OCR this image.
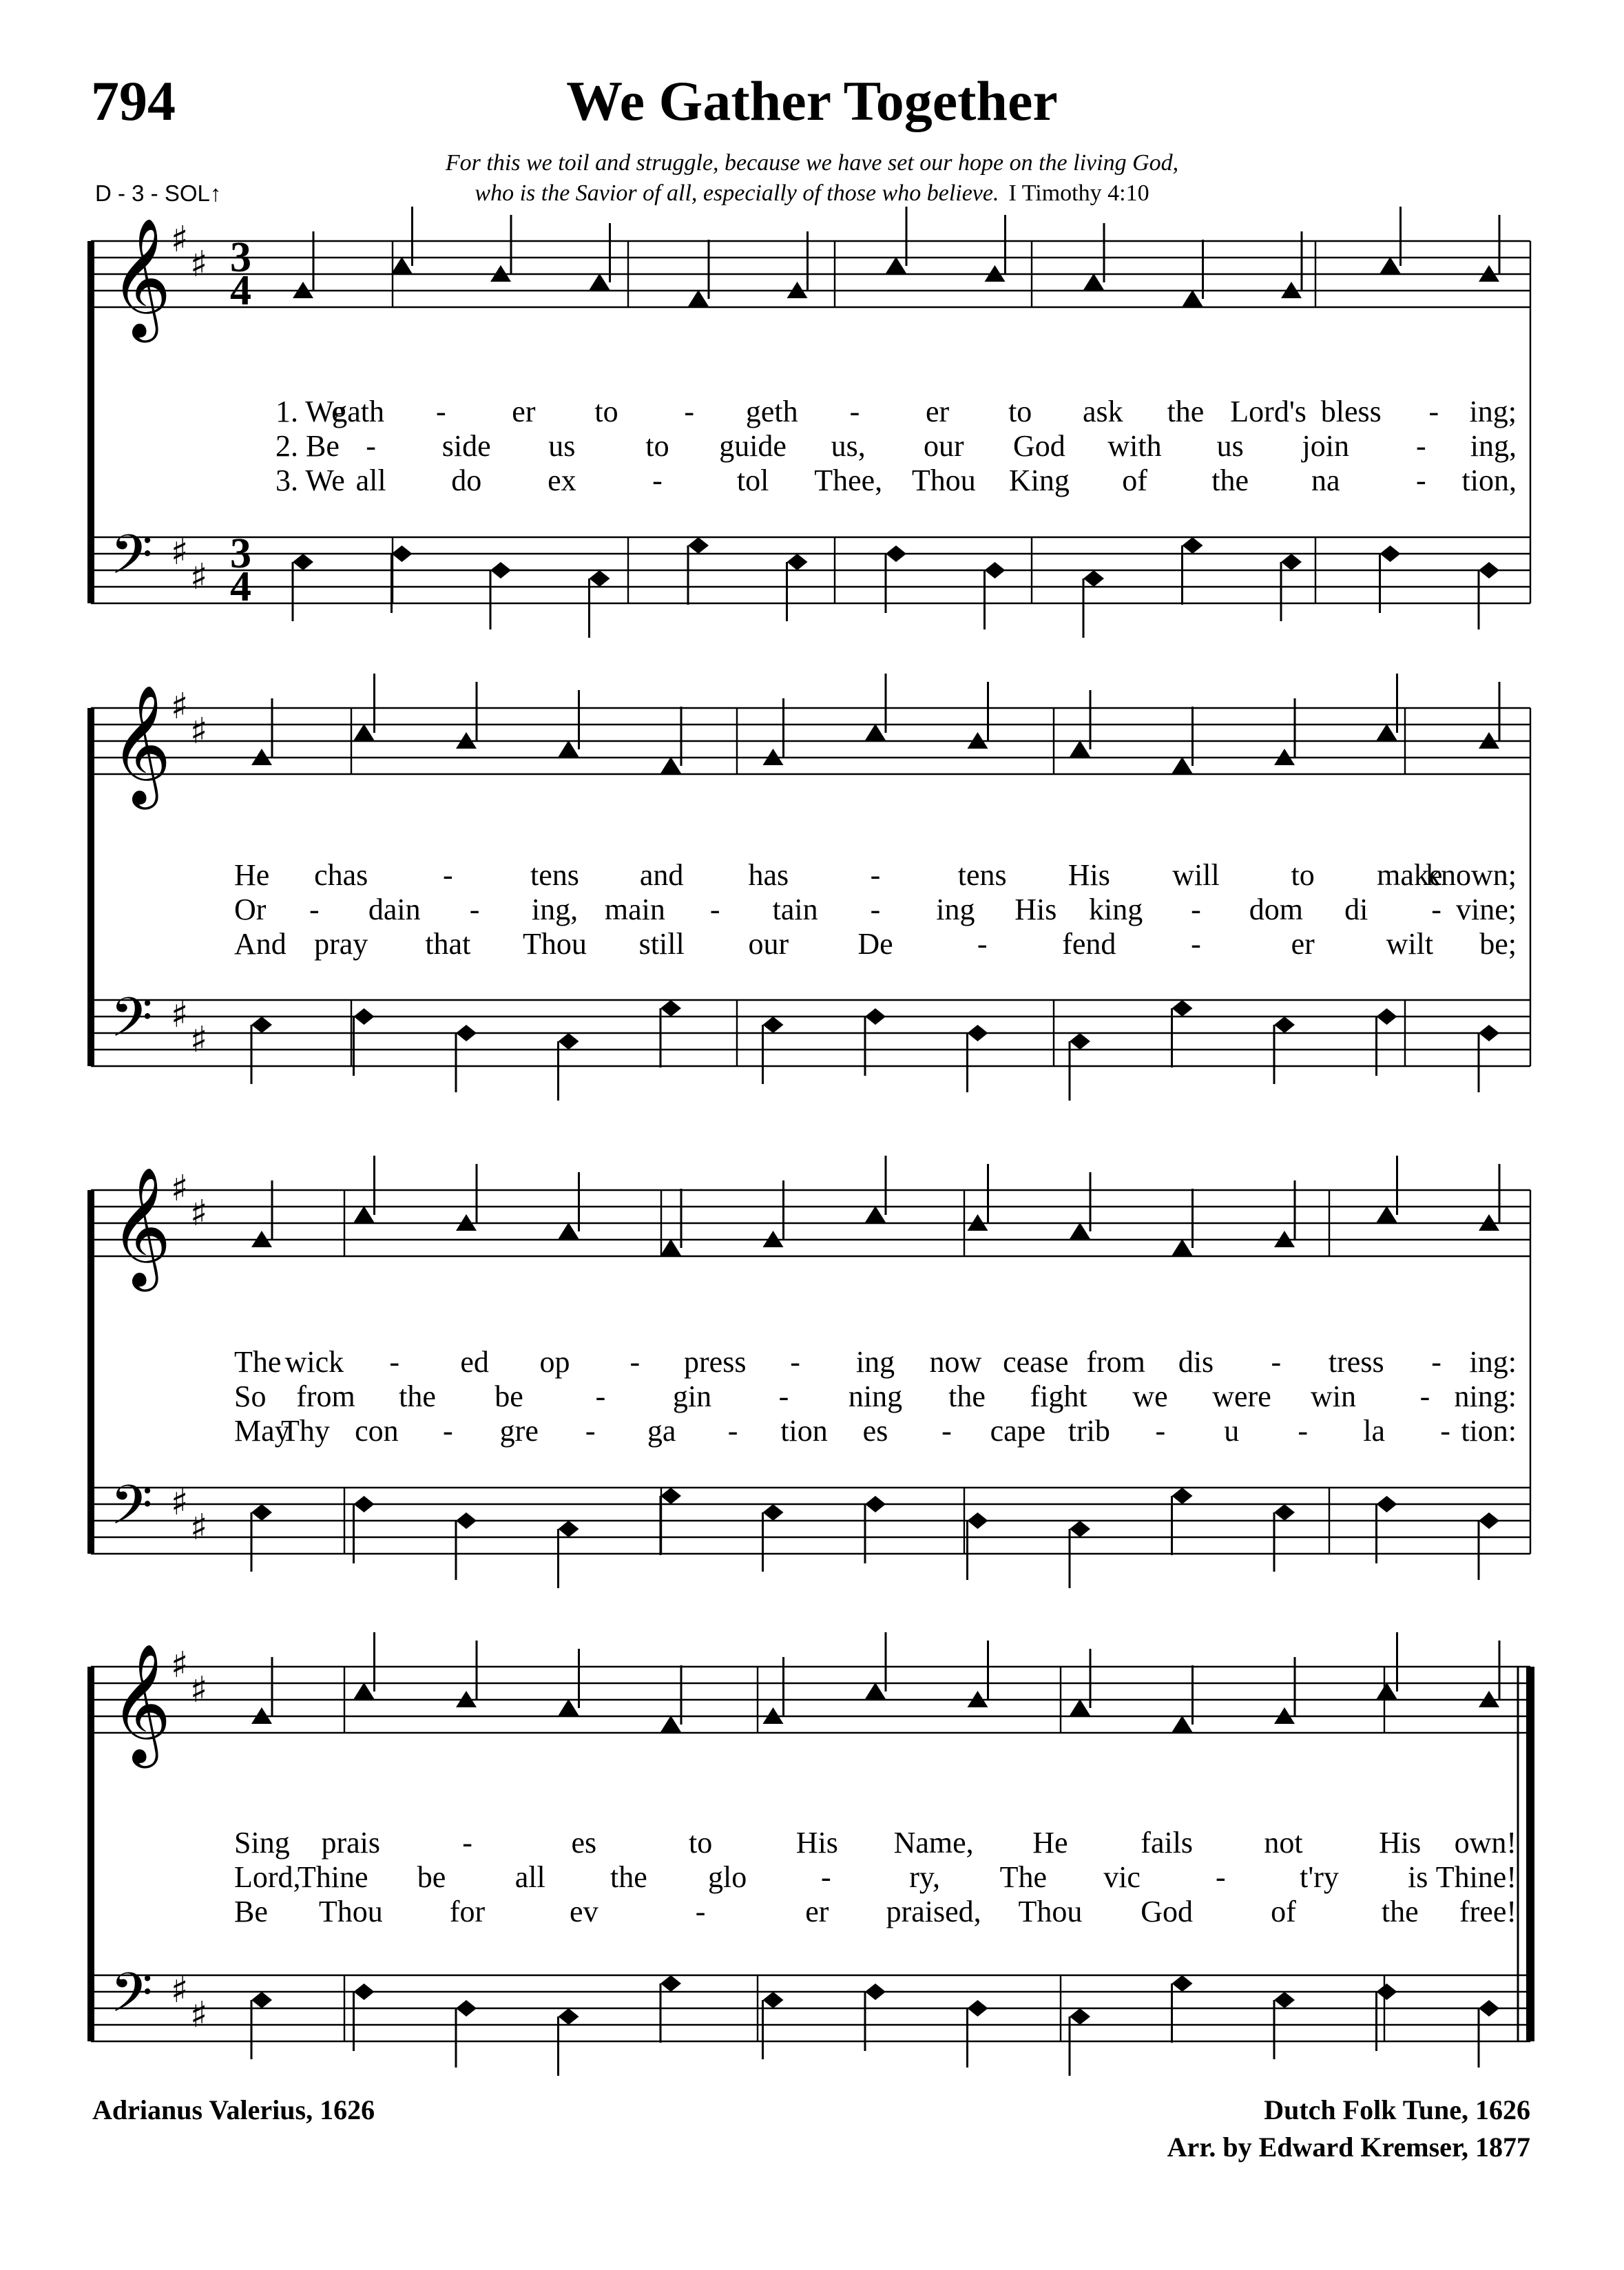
794	We Gather Together
For this we toil and struggle, because we have set our hope on the living God,
who is the Savior of all, especially of those who believe. I Timothy 4:10
D - 3 - SOL↑
𝄞
𝄢
♯
♯
♯
♯
3
4
3
4
1. We
gath - er to - geth - er to ask the Lord's bless - ing;
2. Be - side us to guide us, our God with us join - ing,
3. We all do ex	- tol Thee, Thou King of the na	- tion,
𝄞
𝄢
♯
♯
♯
♯
He chas -	tens and has	-	tens His will to make
known;
Or - dain - ing, main - tain - ing His king - dom di - vine;
And pray that Thou still our De	- fend -	er wilt be;
𝄞
𝄢
♯
♯
♯
♯
The wick - ed op - press - ing now cease from dis - tress - ing:
So from the be - gin - ning the fight we were win - ning:
May
Thy con - gre - ga - tion es - cape trib - u - la - tion:
𝄞
𝄢
♯
♯
♯
♯
Sing prais	-	es	to	His Name, He fails not	His own!
Lord,
Thine be all the glo -	ry, The vic - t'ry is Thine!
Be Thou for	ev	-	er praised, Thou God	of	the free!
Adrianus Valerius, 1626	Dutch Folk Tune, 1626
Arr. by Edward Kremser, 1877
